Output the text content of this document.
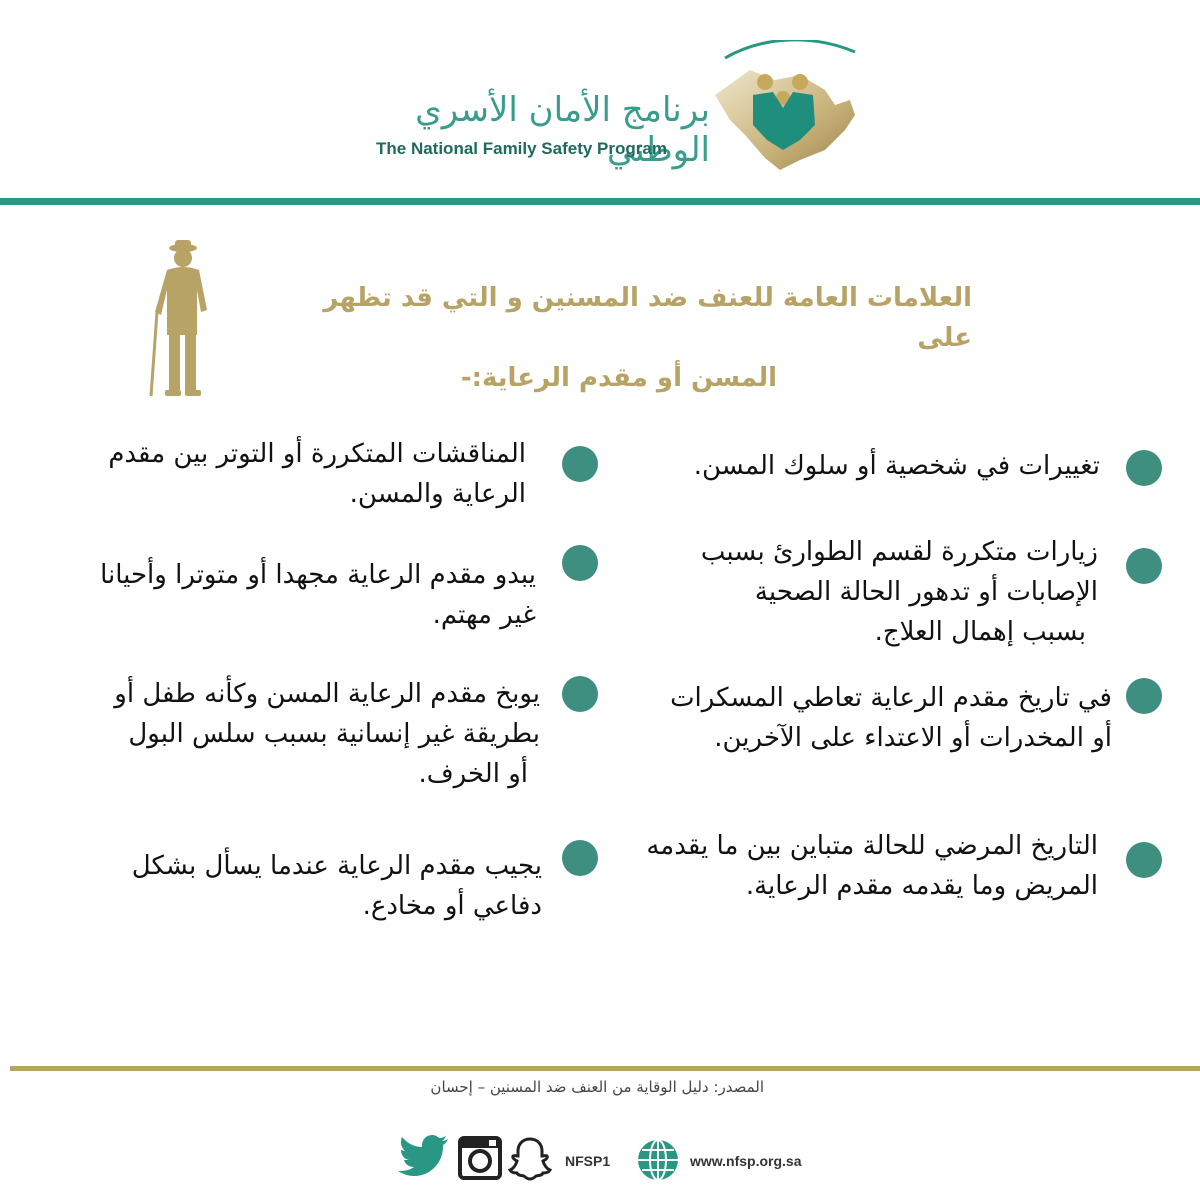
برنامج الأمان الأسري الوطني
The National Family Safety Program
العلامات العامة للعنف ضد المسنين و التي قد تظهر على
المسن أو مقدم الرعاية:-
تغييرات في شخصية أو سلوك المسن.
زيارات متكررة لقسم الطوارئ بسبب
الإصابات أو تدهور الحالة الصحية
بسبب إهمال العلاج.
في تاريخ مقدم الرعاية تعاطي المسكرات
أو المخدرات أو الاعتداء على الآخرين.
التاريخ المرضي للحالة متباين بين ما يقدمه
المريض وما يقدمه مقدم الرعاية.
المناقشات المتكررة أو التوتر بين مقدم
الرعاية والمسن.
يبدو مقدم الرعاية مجهدا أو متوترا وأحيانا
غير مهتم.
يوبخ مقدم الرعاية المسن وكأنه طفل أو
بطريقة غير إنسانية بسبب سلس البول
أو الخرف.
يجيب مقدم الرعاية عندما يسأل بشكل
دفاعي أو مخادع.
المصدر: دليل الوقاية من العنف ضد المسنين – إحسان
NFSP1	www.nfsp.org.sa
